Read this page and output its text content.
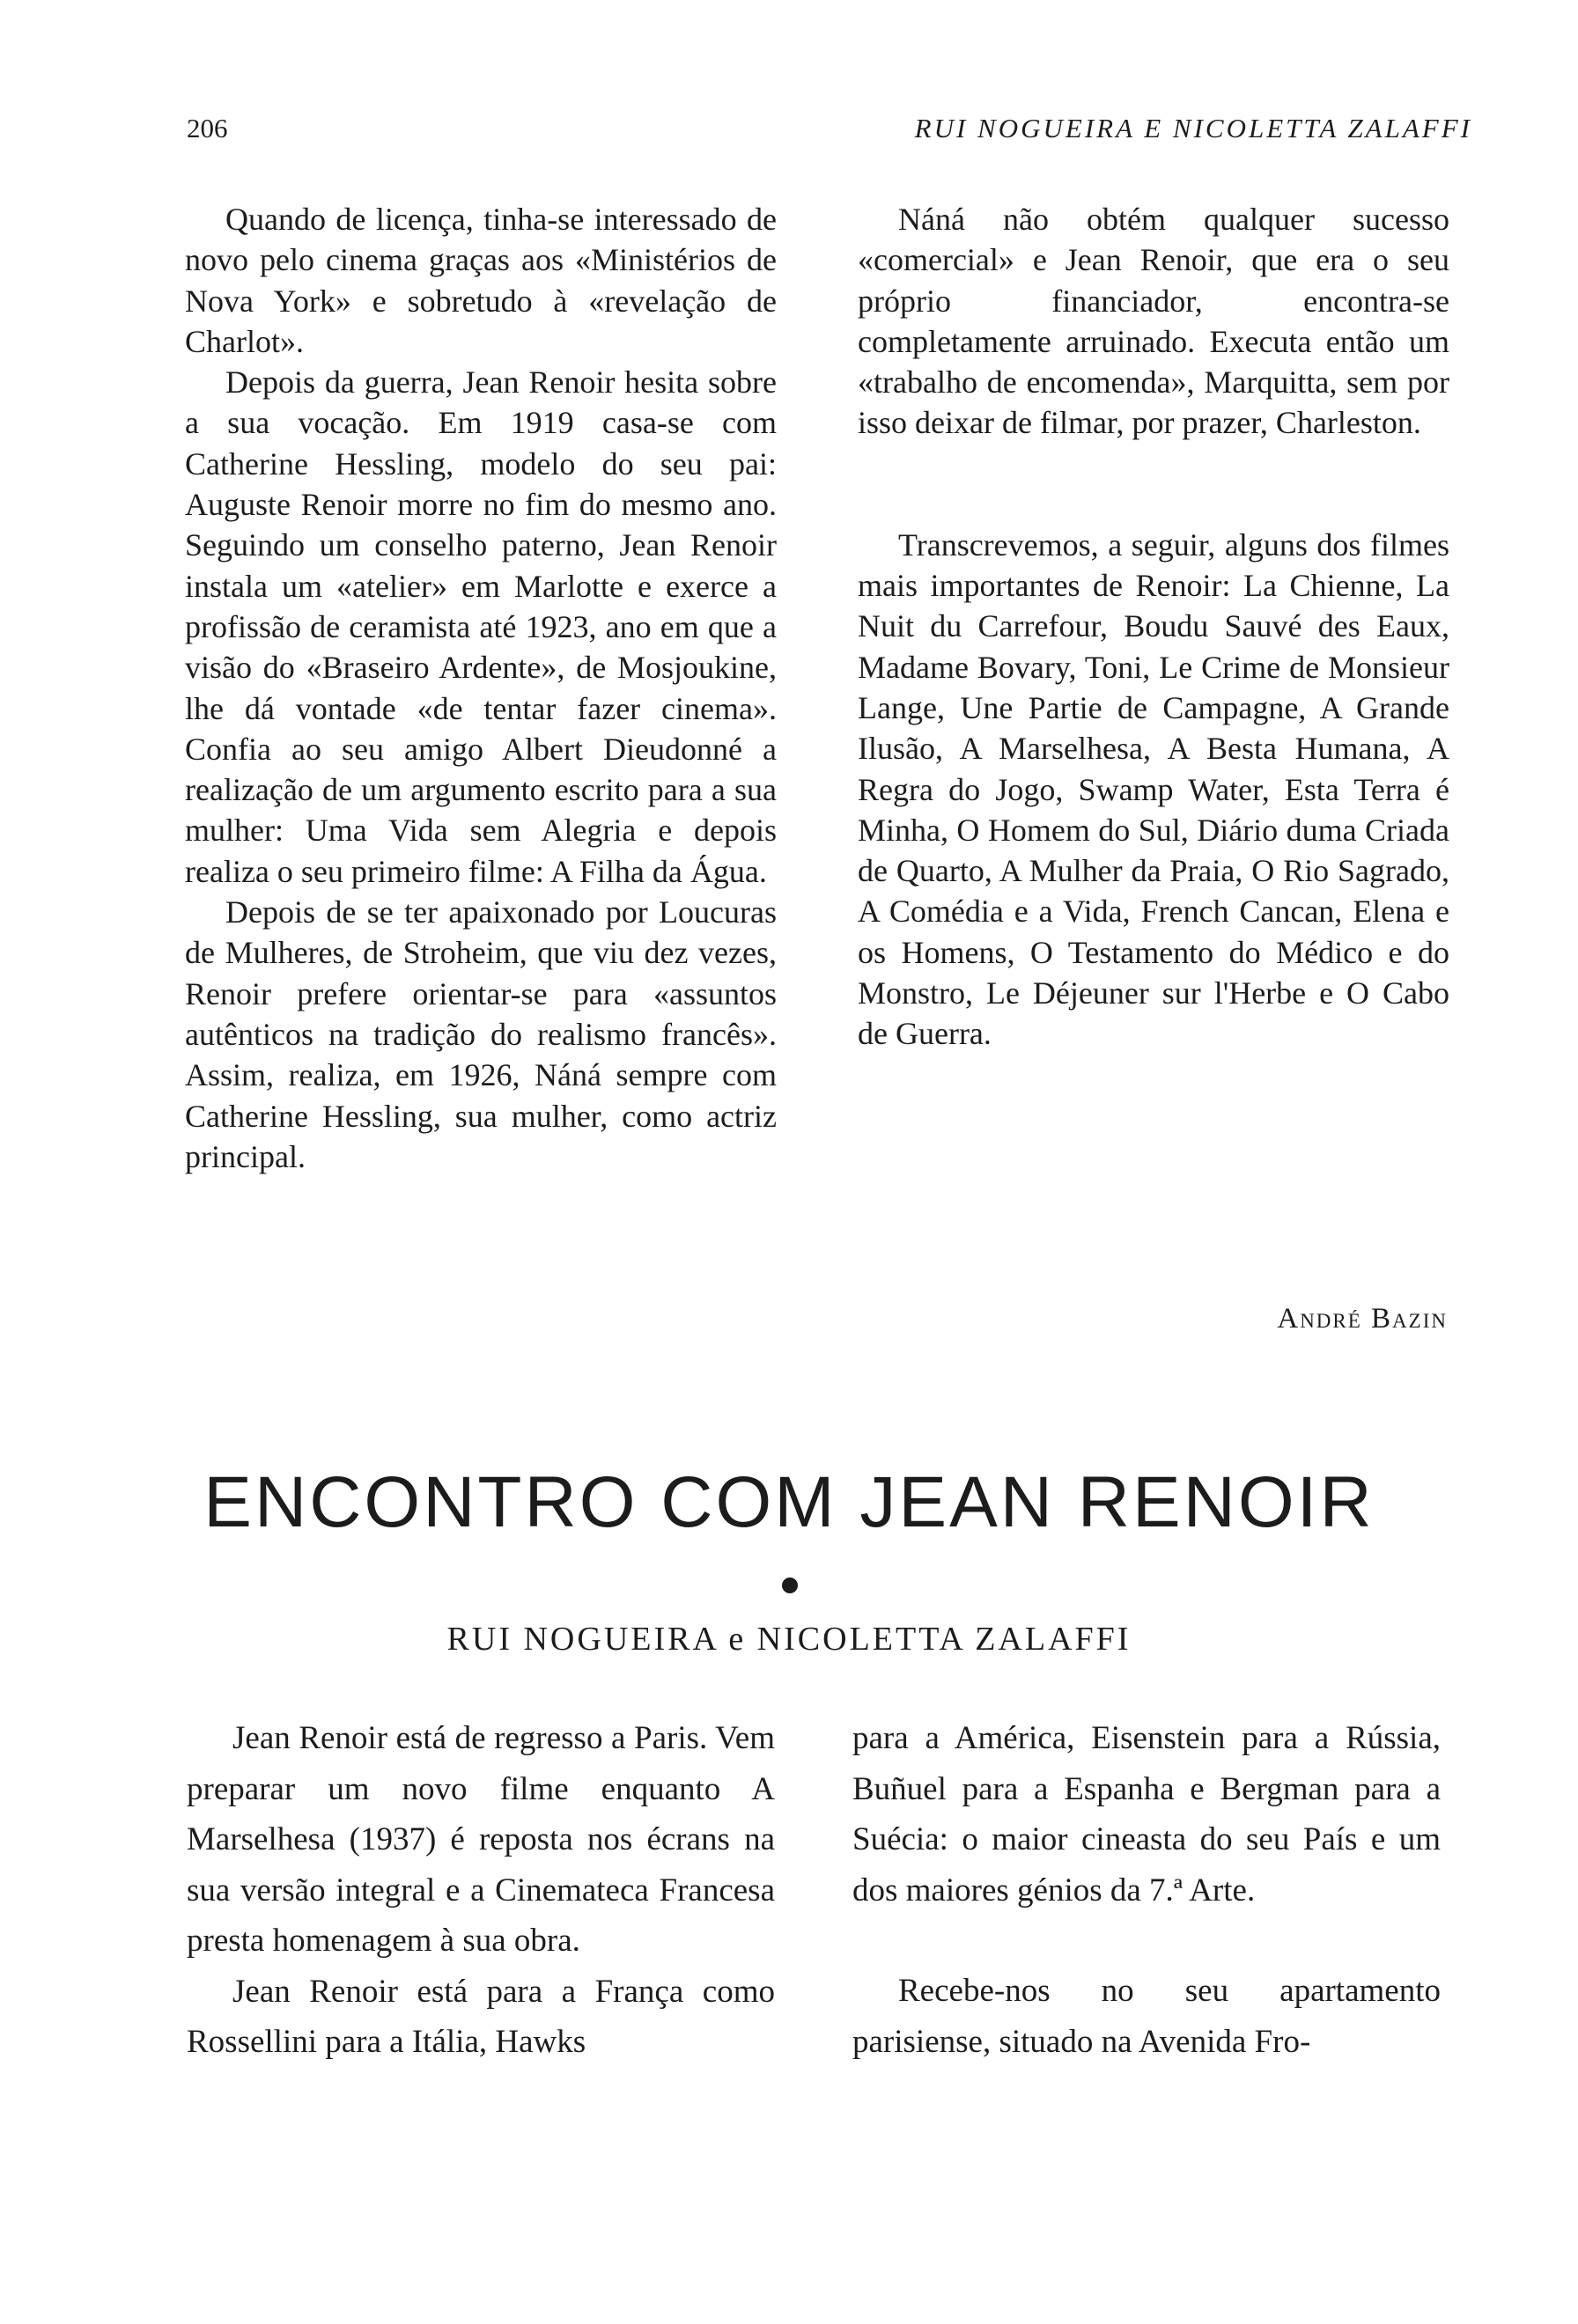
206	RUI NOGUEIRA E NICOLETTA ZALAFFI

Quando de licença, tinha-se interessado de novo pelo cinema graças aos «Ministérios de Nova York» e sobretudo à «revelação de Charlot».

Depois da guerra, Jean Renoir hesita sobre a sua vocação. Em 1919 casa-se com Catherine Hessling, modelo do seu pai: Auguste Renoir morre no fim do mesmo ano. Seguindo um conselho paterno, Jean Renoir instala um «atelier» em Marlotte e exerce a profissão de ceramista até 1923, ano em que a visão do «Braseiro Ardente», de Mosjoukine, lhe dá vontade «de tentar fazer cinema». Confia ao seu amigo Albert Dieudonné a realização de um argumento escrito para a sua mulher: Uma Vida sem Alegria e depois realiza o seu primeiro filme: A Filha da Água.

Depois de se ter apaixonado por Loucuras de Mulheres, de Stroheim, que viu dez vezes, Renoir prefere orientar-se para «assuntos autênticos na tradição do realismo francês». Assim, realiza, em 1926, Náná sempre com Catherine Hessling, sua mulher, como actriz principal.

Náná não obtém qualquer sucesso «comercial» e Jean Renoir, que era o seu próprio financiador, encontra-se completamente arruinado. Executa então um «trabalho de encomenda», Marquitta, sem por isso deixar de filmar, por prazer, Charleston.

Transcrevemos, a seguir, alguns dos filmes mais importantes de Renoir: La Chienne, La Nuit du Carrefour, Boudu Sauvé des Eaux, Madame Bovary, Toni, Le Crime de Monsieur Lange, Une Partie de Campagne, A Grande Ilusão, A Marselhesa, A Besta Humana, A Regra do Jogo, Swamp Water, Esta Terra é Minha, O Homem do Sul, Diário duma Criada de Quarto, A Mulher da Praia, O Rio Sagrado, A Comédia e a Vida, French Cancan, Elena e os Homens, O Testamento do Médico e do Monstro, Le Déjeuner sur l'Herbe e O Cabo de Guerra.

André Bazin
ENCONTRO COM JEAN RENOIR
RUI NOGUEIRA e NICOLETTA ZALAFFI

Jean Renoir está de regresso a Paris. Vem preparar um novo filme enquanto A Marselhesa (1937) é reposta nos écrans na sua versão integral e a Cinemateca Francesa presta homenagem à sua obra.

Jean Renoir está para a França como Rossellini para a Itália, Hawks

para a América, Eisenstein para a Rússia, Buñuel para a Espanha e Bergman para a Suécia: o maior cineasta do seu País e um dos maiores génios da 7.ª Arte.

Recebe-nos no seu apartamento parisiense, situado na Avenida Fro-
